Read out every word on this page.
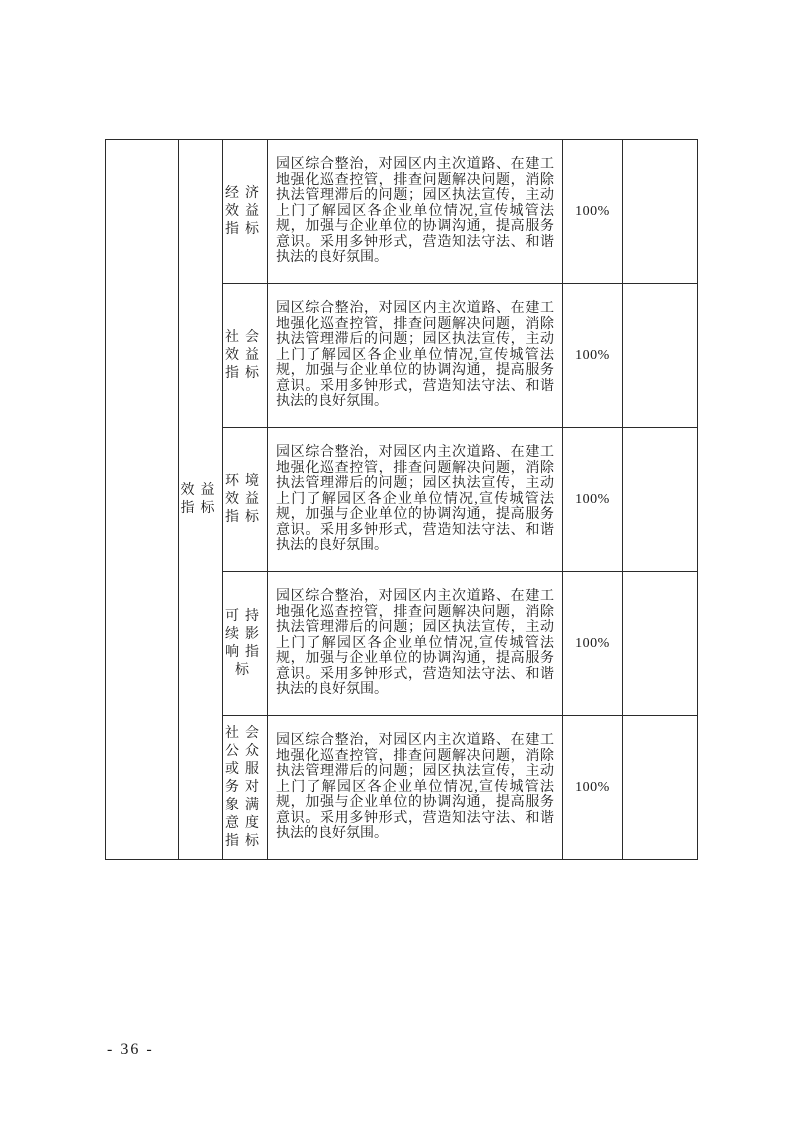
	效益指标	经济效益指标	园区综合整治，对园区内主次道路、在建工地强化巡查控管，排查问题解决问题，消除执法管理滞后的问题；园区执法宣传，主动上门了解园区各企业单位情况,宣传城管法规，加强与企业单位的协调沟通，提高服务意识。采用多钟形式，营造知法守法、和谐执法的良好氛围。	100%	
		社会效益指标	园区综合整治，对园区内主次道路、在建工地强化巡查控管，排查问题解决问题，消除执法管理滞后的问题；园区执法宣传，主动上门了解园区各企业单位情况,宣传城管法规，加强与企业单位的协调沟通，提高服务意识。采用多钟形式，营造知法守法、和谐执法的良好氛围。	100%	
		环境效益指标	园区综合整治，对园区内主次道路、在建工地强化巡查控管，排查问题解决问题，消除执法管理滞后的问题；园区执法宣传，主动上门了解园区各企业单位情况,宣传城管法规，加强与企业单位的协调沟通，提高服务意识。采用多钟形式，营造知法守法、和谐执法的良好氛围。	100%	
		可持续影响指标	园区综合整治，对园区内主次道路、在建工地强化巡查控管，排查问题解决问题，消除执法管理滞后的问题；园区执法宣传，主动上门了解园区各企业单位情况,宣传城管法规，加强与企业单位的协调沟通，提高服务意识。采用多钟形式，营造知法守法、和谐执法的良好氛围。	100%	
		社会公众或服务对象满意度指标	园区综合整治，对园区内主次道路、在建工地强化巡查控管，排查问题解决问题，消除执法管理滞后的问题；园区执法宣传，主动上门了解园区各企业单位情况,宣传城管法规，加强与企业单位的协调沟通，提高服务意识。采用多钟形式，营造知法守法、和谐执法的良好氛围。	100%	
- 36 -
